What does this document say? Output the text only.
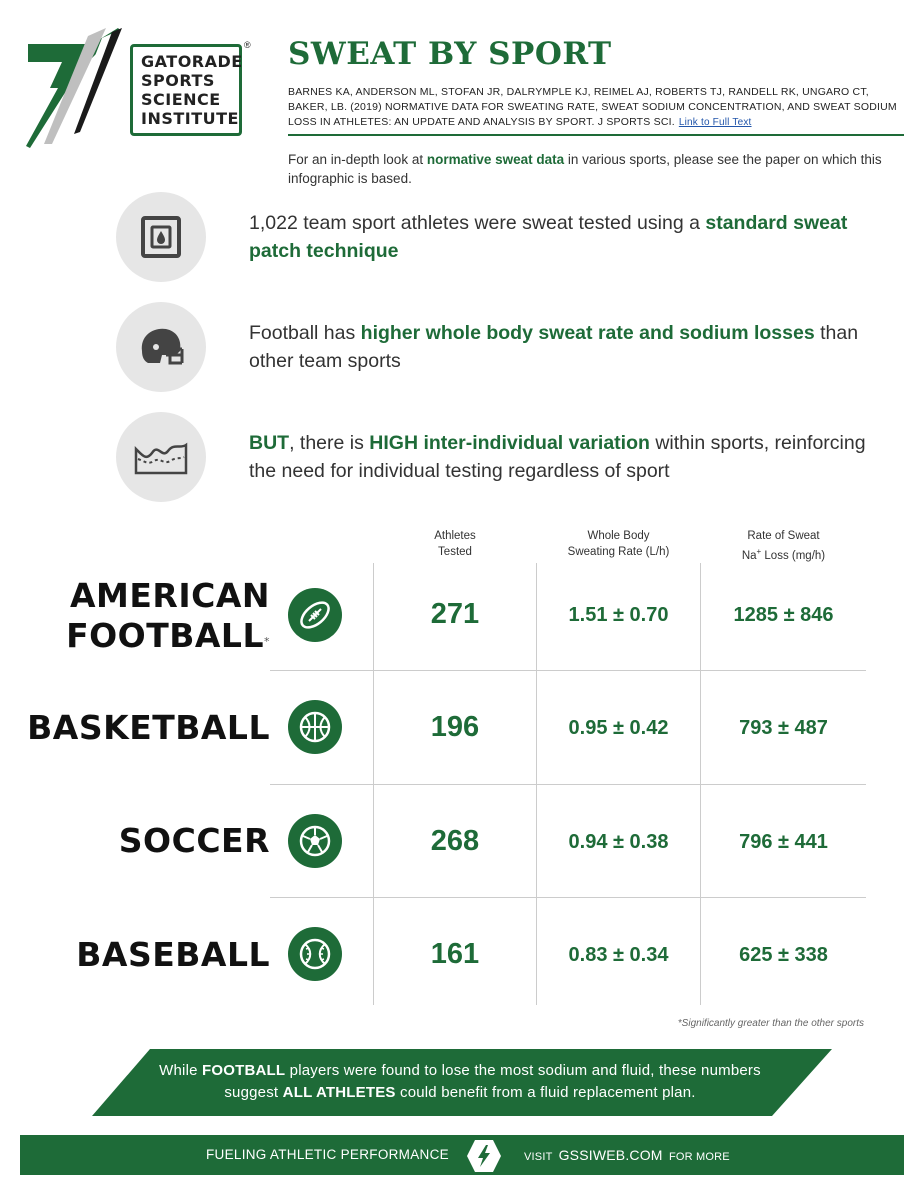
GATORADE
SPORTS
SCIENCE
INSTITUTE
® SWEAT BY SPORT
BARNES KA, ANDERSON ML, STOFAN JR, DALRYMPLE KJ, REIMEL AJ, ROBERTS TJ, RANDELL RK, UNGARO CT, BAKER, LB. (2019) NORMATIVE DATA FOR SWEATING RATE, SWEAT SODIUM CONCENTRATION, AND SWEAT SODIUM LOSS IN ATHLETES: AN UPDATE AND ANALYSIS BY SPORT. J SPORTS SCI. Link to Full Text
For an in-depth look at normative sweat data in various sports, please see the paper on which this infographic is based.
1,022 team sport athletes were sweat tested using a standard sweat patch technique
Football has higher whole body sweat rate and sodium losses than other team sports
BUT, there is HIGH inter-individual variation within sports, reinforcing the need for individual testing regardless of sport
Athletes
Tested
Whole Body
Sweating Rate (L/h)
Rate of Sweat
Na+ Loss (mg/h)
AMERICAN
FOOTBALL*
271	1.51 ± 0.70	1285 ± 846
BASKETBALL	196	0.95 ± 0.42	793 ± 487
SOCCER	268	0.94 ± 0.38	796 ± 441
BASEBALL	161	0.83 ± 0.34	625 ± 338
*Significantly greater than the other sports
While FOOTBALL players were found to lose the most sodium and fluid, these numbers suggest ALL ATHLETES could benefit from a fluid replacement plan.
FUELING ATHLETIC PERFORMANCE	VISIT GSSIWEB.COM FOR MORE
